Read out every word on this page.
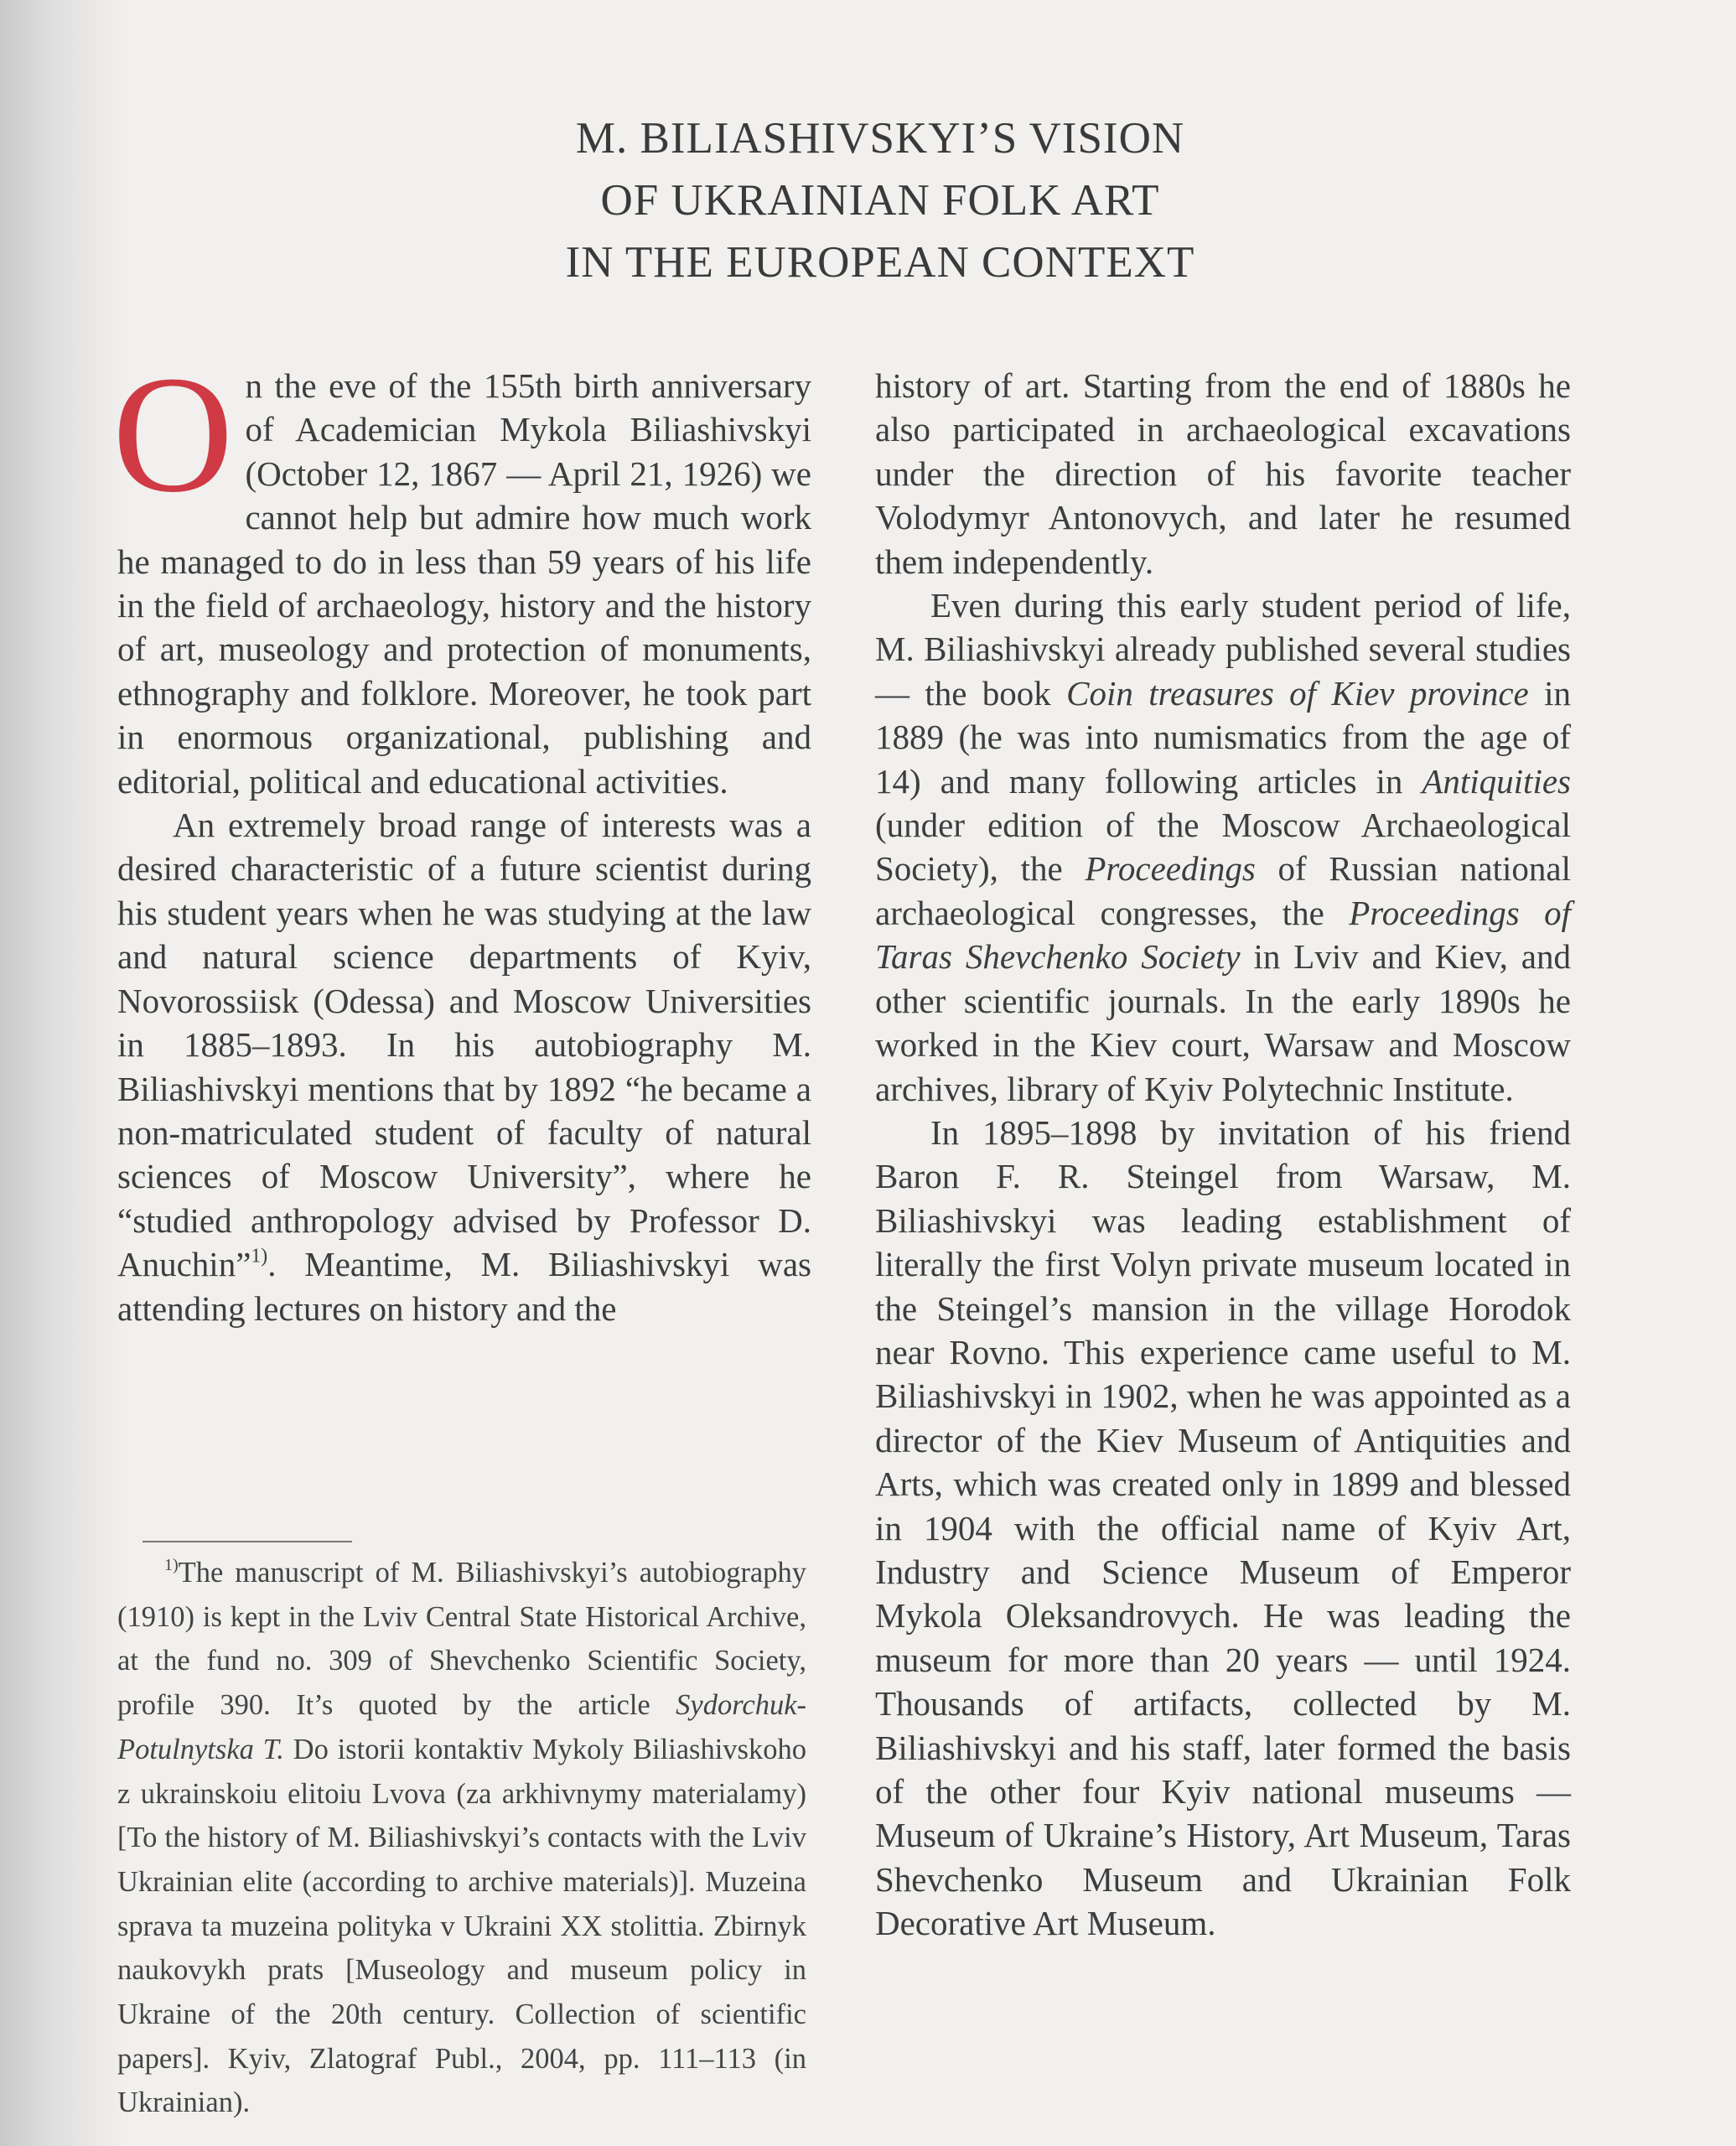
M. BILIASHIVSKYI’S VISION
OF UKRAINIAN FOLK ART
IN THE EUROPEAN CONTEXT

On the eve of the 155th birth anniversary of Academician Mykola Biliashivskyi (October 12, 1867 — April 21, 1926) we cannot help but admire how much work he managed to do in less than 59 years of his life in the field of archaeology, history and the history of art, museology and protection of monuments, ethnography and folklore. Moreover, he took part in enormous organizational, publishing and editorial, political and educational activities.

An extremely broad range of interests was a desired characteristic of a future scientist during his student years when he was studying at the law and natural science departments of Kyiv, Novorossiisk (Odessa) and Moscow Universities in 1885–1893. In his autobiography M. Biliashivskyi mentions that by 1892 “he became a non-matriculated student of faculty of natural sciences of Moscow University”, where he “studied anthropology advised by Professor D. Anuchin”$^{1)}$. Meantime, M. Biliashivskyi was attending lectures on history and the

$^{1)}$The manuscript of M. Biliashivskyi’s autobiography (1910) is kept in the Lviv Central State Historical Archive, at the fund no. 309 of Shevchenko Scientific Society, profile 390. It’s quoted by the article Sydorchuk-Potulnytska T. Do istorii kontaktiv Mykoly Biliashivskoho z ukrainskoiu elitoiu Lvova (za arkhivnymy materialamy) [To the history of M. Biliashivskyi’s contacts with the Lviv Ukrainian elite (according to archive materials)]. Muzeina sprava ta muzeina polityka v Ukraini XX stolittia. Zbirnyk naukovykh prats [Museology and museum policy in Ukraine of the 20th century. Collection of scientific papers]. Kyiv, Zlatograf Publ., 2004, pp. 111–113 (in Ukrainian).

history of art. Starting from the end of 1880s he also participated in archaeological excavations under the direction of his favorite teacher Volodymyr Antonovych, and later he resumed them independently.

Even during this early student period of life, M. Biliashivskyi already published several studies — the book Coin treasures of Kiev province in 1889 (he was into numismatics from the age of 14) and many following articles in Antiquities (under edition of the Moscow Archaeological Society), the Proceedings of Russian national archaeological congresses, the Proceedings of Taras Shevchenko Society in Lviv and Kiev, and other scientific journals. In the early 1890s he worked in the Kiev court, Warsaw and Moscow archives, library of Kyiv Polytechnic Institute.

In 1895–1898 by invitation of his friend Baron F. R. Steingel from Warsaw, M. Biliashivskyi was leading establishment of literally the first Volyn private museum located in the Steingel’s mansion in the village Horodok near Rovno. This experience came useful to M. Biliashivskyi in 1902, when he was appointed as a director of the Kiev Museum of Antiquities and Arts, which was created only in 1899 and blessed in 1904 with the official name of Kyiv Art, Industry and Science Museum of Emperor Mykola Oleksandrovych. He was leading the museum for more than 20 years — until 1924. Thousands of artifacts, collected by M. Biliashivskyi and his staff, later formed the basis of the other four Kyiv national museums — Museum of Ukraine’s History, Art Museum, Taras Shevchenko Museum and Ukrainian Folk Decorative Art Museum.
